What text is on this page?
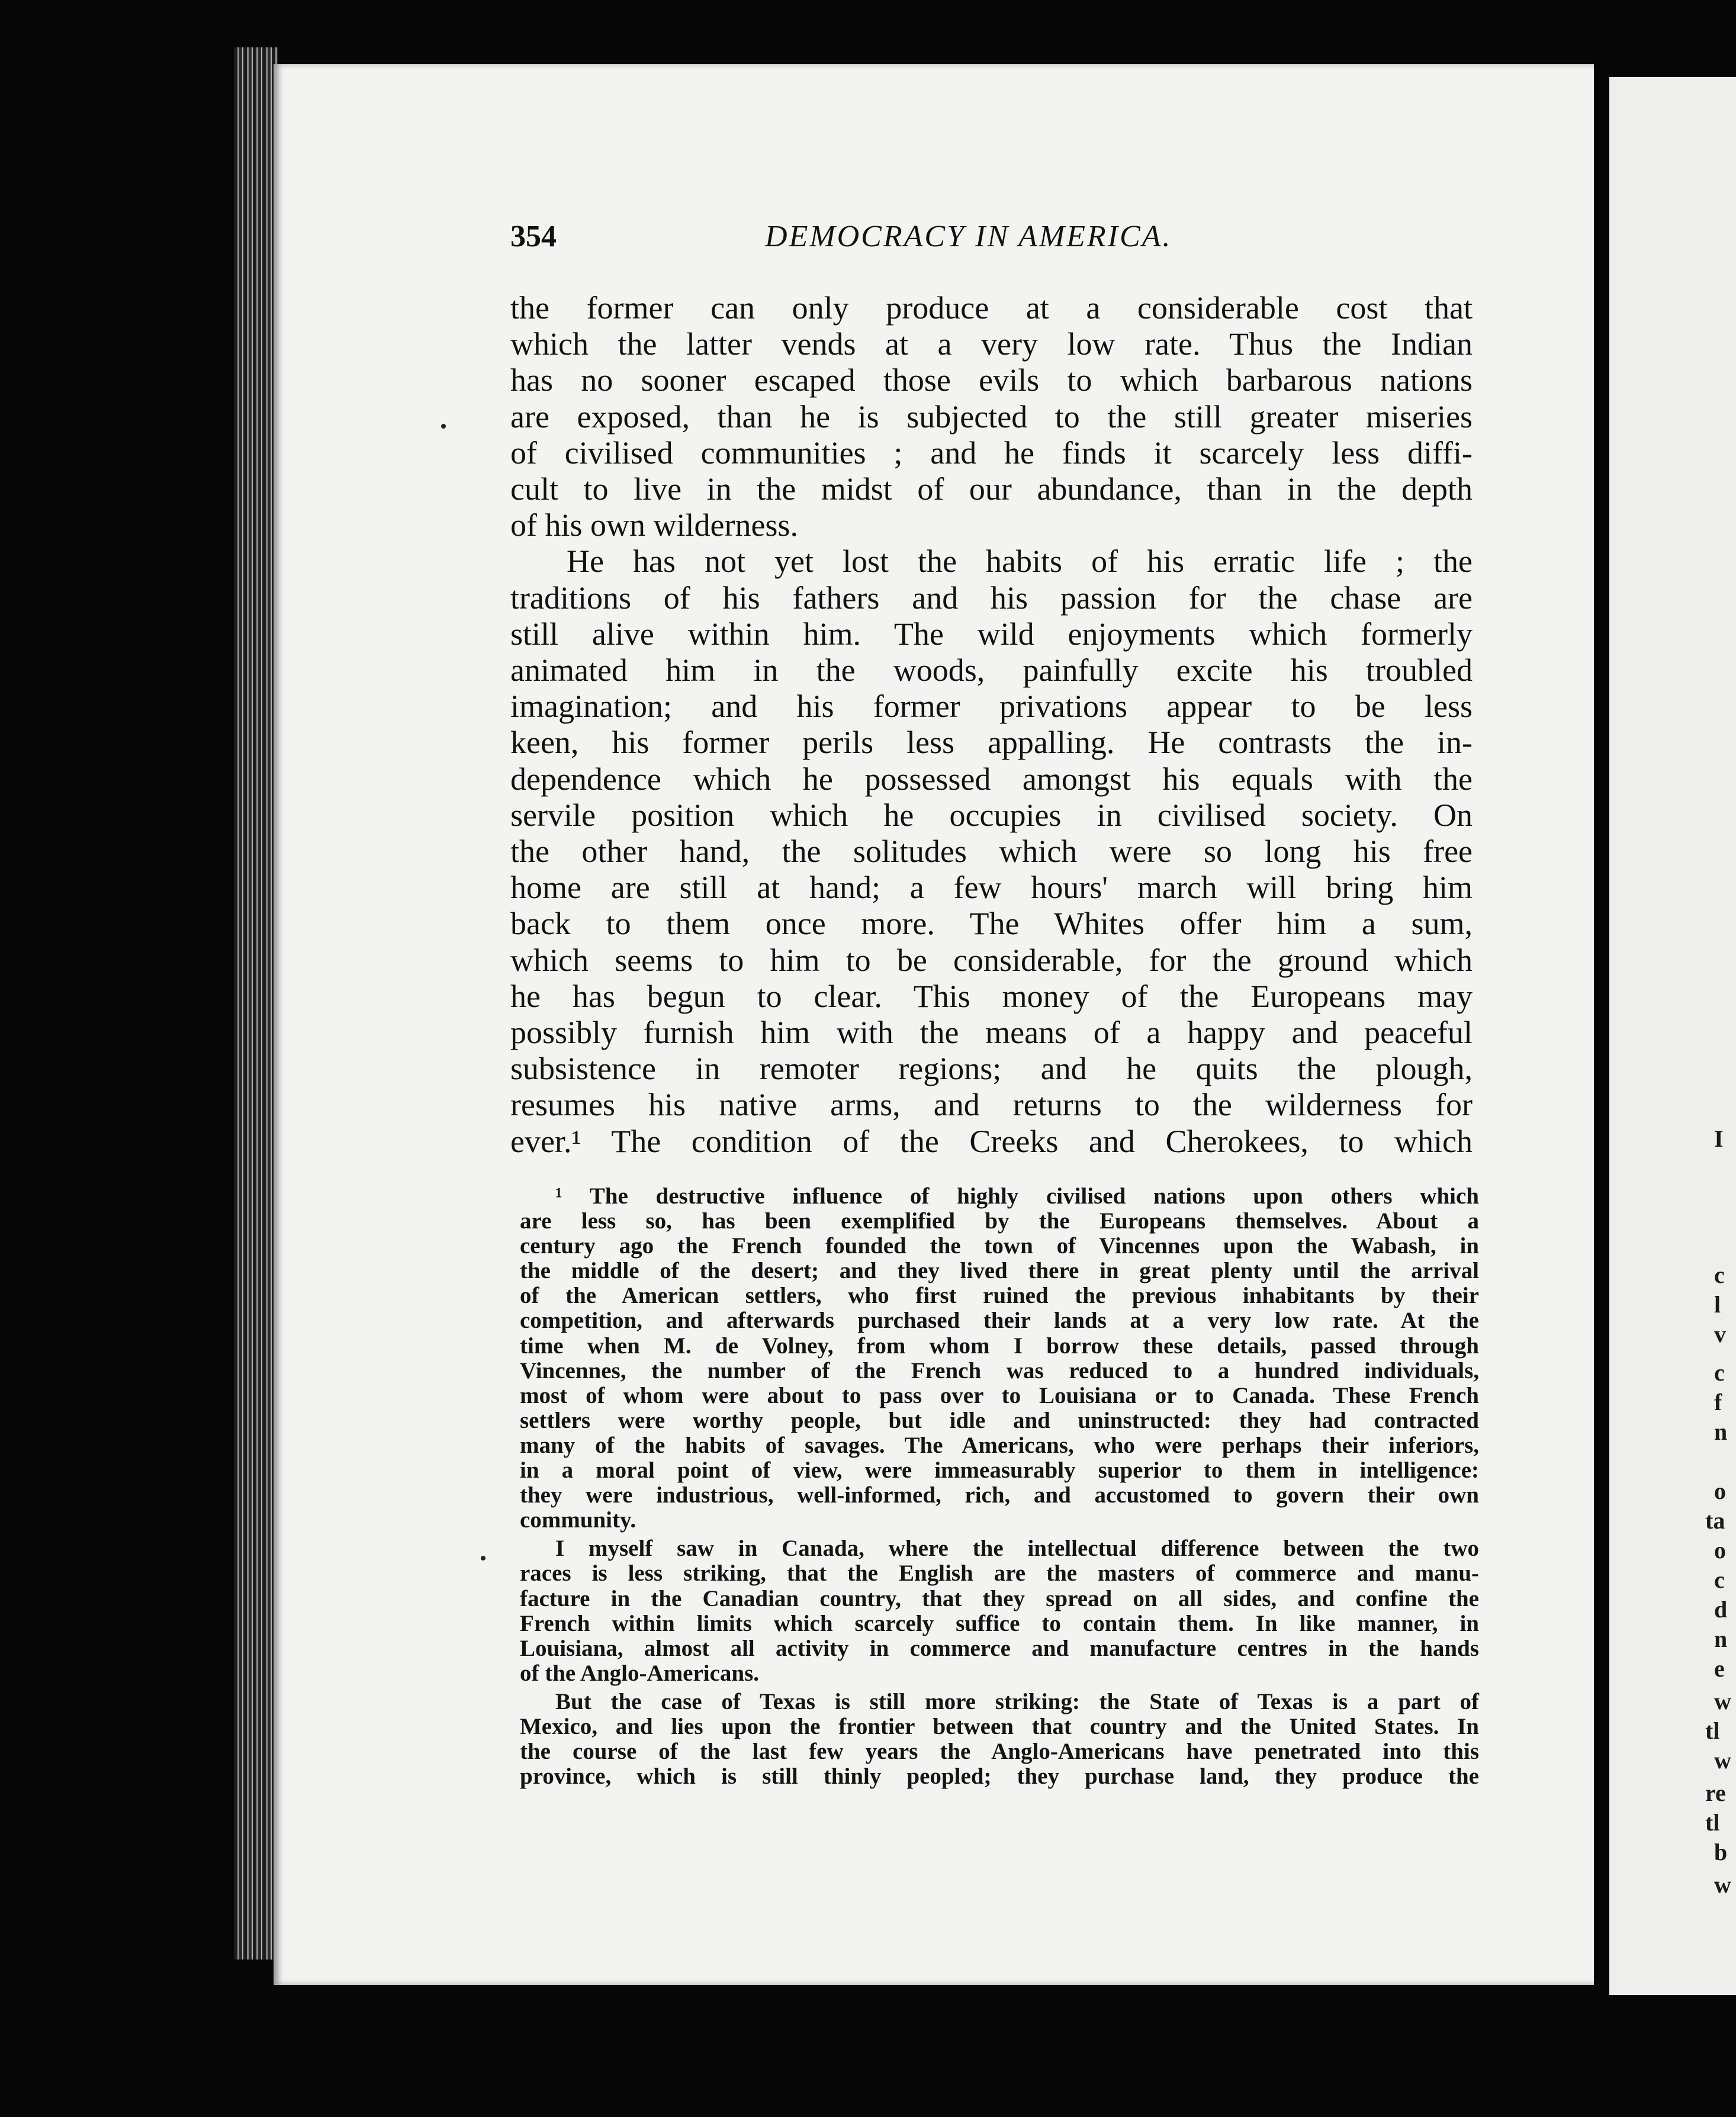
354	DEMOCRACY IN AMERICA.
the former can only produce at a considerable cost that
which the latter vends at a very low rate. Thus the Indian
has no sooner escaped those evils to which barbarous nations
are exposed, than he is subjected to the still greater miseries
of civilised communities ; and he finds it scarcely less diffi-
cult to live in the midst of our abundance, than in the depth
of his own wilderness.
He has not yet lost the habits of his erratic life ; the
traditions of his fathers and his passion for the chase are
still alive within him. The wild enjoyments which formerly
animated him in the woods, painfully excite his troubled
imagination; and his former privations appear to be less
keen, his former perils less appalling. He contrasts the in-
dependence which he possessed amongst his equals with the
servile position which he occupies in civilised society. On
the other hand, the solitudes which were so long his free
home are still at hand; a few hours' march will bring him
back to them once more. The Whites offer him a sum,
which seems to him to be considerable, for the ground which
he has begun to clear. This money of the Europeans may
possibly furnish him with the means of a happy and peaceful
subsistence in remoter regions; and he quits the plough,
resumes his native arms, and returns to the wilderness for
ever.¹ The condition of the Creeks and Cherokees, to which
¹ The destructive influence of highly civilised nations upon others which
are less so, has been exemplified by the Europeans themselves. About a
century ago the French founded the town of Vincennes upon the Wabash, in
the middle of the desert; and they lived there in great plenty until the arrival
of the American settlers, who first ruined the previous inhabitants by their
competition, and afterwards purchased their lands at a very low rate. At the
time when M. de Volney, from whom I borrow these details, passed through
Vincennes, the number of the French was reduced to a hundred individuals,
most of whom were about to pass over to Louisiana or to Canada. These French
settlers were worthy people, but idle and uninstructed: they had contracted
many of the habits of savages. The Americans, who were perhaps their inferiors,
in a moral point of view, were immeasurably superior to them in intelligence:
they were industrious, well-informed, rich, and accustomed to govern their own
community.
I myself saw in Canada, where the intellectual difference between the two
races is less striking, that the English are the masters of commerce and manu-
facture in the Canadian country, that they spread on all sides, and confine the
French within limits which scarcely suffice to contain them. In like manner, in
Louisiana, almost all activity in commerce and manufacture centres in the hands
of the Anglo-Americans.
But the case of Texas is still more striking: the State of Texas is a part of
Mexico, and lies upon the frontier between that country and the United States. In
the course of the last few years the Anglo-Americans have penetrated into this
province, which is still thinly peopled; they purchase land, they produce the
I
c
l
v
c
f
n
o
ta
o
c
d
n
e
w
tl
w
re
tl
b
w
